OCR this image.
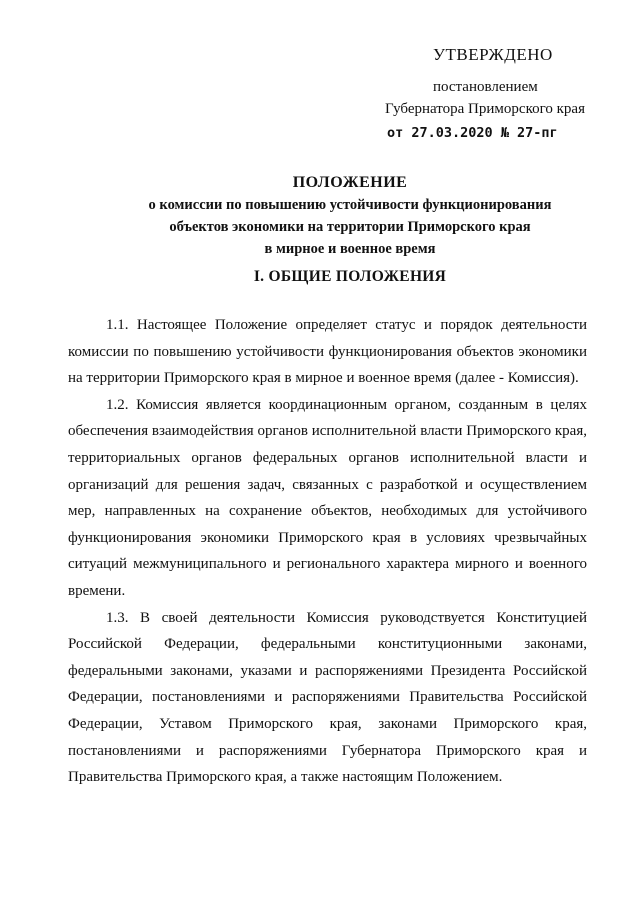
УТВЕРЖДЕНО
постановлением
Губернатора Приморского края
от 27.03.2020 № 27-пг
ПОЛОЖЕНИЕ
о комиссии по повышению устойчивости функционирования
объектов экономики на территории Приморского края
в мирное и военное время
I. ОБЩИЕ ПОЛОЖЕНИЯ

1.1. Настоящее Положение определяет статус и порядок деятельности комиссии по повышению устойчивости функционирования объектов экономики на территории Приморского края в мирное и военное время (далее - Комиссия).

1.2. Комиссия является координационным органом, созданным в целях обеспечения взаимодействия органов исполнительной власти Приморского края, территориальных органов федеральных органов исполнительной власти и организаций для решения задач, связанных с разработкой и осуществлением мер, направленных на сохранение объектов, необходимых для устойчивого функционирования экономики Приморского края в условиях чрезвычайных ситуаций межмуниципального и регионального характера мирного и военного времени.

1.3. В своей деятельности Комиссия руководствуется Конституцией Российской Федерации, федеральными конституционными законами, федеральными законами, указами и распоряжениями Президента Российской Федерации, постановлениями и распоряжениями Правительства Российской Федерации, Уставом Приморского края, законами Приморского края, постановлениями и распоряжениями Губернатора Приморского края и Правительства Приморского края, а также настоящим Положением.
